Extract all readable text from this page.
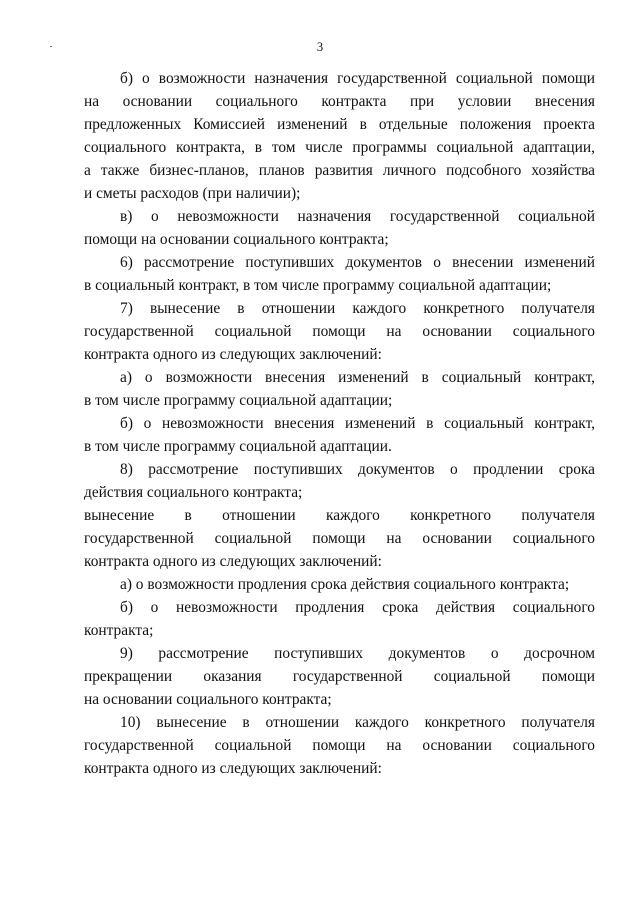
3
б) о возможности назначения государственной социальной помощи
на основании социального контракта при условии внесения
предложенных Комиссией изменений в отдельные положения проекта
социального контракта, в том числе программы социальной адаптации,
а также бизнес-планов, планов развития личного подсобного хозяйства
и сметы расходов (при наличии);
в) о невозможности назначения государственной социальной
помощи на основании социального контракта;
6) рассмотрение поступивших документов о внесении изменений
в социальный контракт, в том числе программу социальной адаптации;
7) вынесение в отношении каждого конкретного получателя
государственной социальной помощи на основании социального
контракта одного из следующих заключений:
а) о возможности внесения изменений в социальный контракт,
в том числе программу социальной адаптации;
б) о невозможности внесения изменений в социальный контракт,
в том числе программу социальной адаптации.
8) рассмотрение поступивших документов о продлении срока
действия социального контракта;
вынесение в отношении каждого конкретного получателя
государственной социальной помощи на основании социального
контракта одного из следующих заключений:
а) о возможности продления срока действия социального контракта;
б) о невозможности продления срока действия социального
контракта;
9) рассмотрение поступивших документов о досрочном
прекращении оказания государственной социальной помощи
на основании социального контракта;
10) вынесение в отношении каждого конкретного получателя
государственной социальной помощи на основании социального
контракта одного из следующих заключений:
